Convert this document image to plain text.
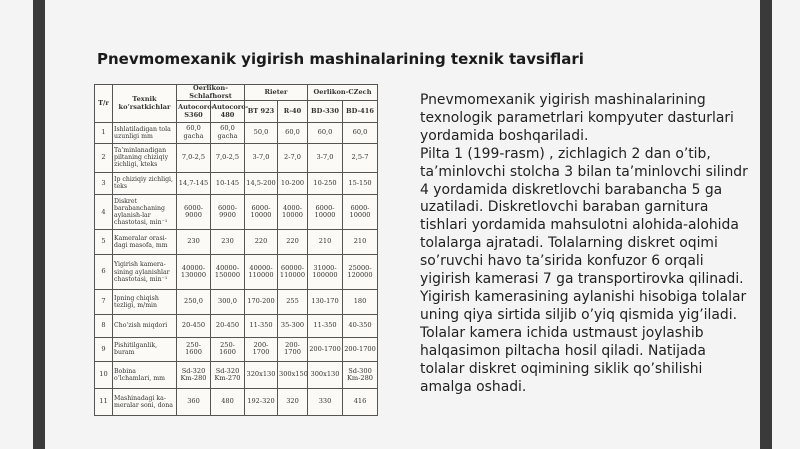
Pnevmomexanik yigirish mashinalarining texnik tavsiflari
T/r	Texnik ko’rsatkichlar	Oerlikon-Schlafhorst		Rieter		Oerlikon-CZech	
		Autocoro-S360	Autocoro-480	BT 923	R-40	BD-330	BD-416
1	Ishlatiladigan tola uzunligi mm	60,0 gacha	60,0 gacha	50,0	60,0	60,0	60,0
2	Ta’minlanadigan piltaning chiziqiy zichligi, kteks	7,0-2,5	7,0-2,5	3-7,0	2-7,0	3-7,0	2,5-7
3	Ip chiziqiy zichligi, teks	14,7-145	10-145	14,5-200	10-200	10-250	15-150
4	Diskret barabanchaning aylanish-lar chastotasi, min⁻¹	6000-9000	6000-9900	6000-10000	4000-10000	6000-10000	6000-10000
5	Kameralar orasi-dagi masofa, mm	230	230	220	220	210	210
6	Yigirish kamera-sining aylanishlar chastotasi, min⁻¹	40000-130000	40000-150000	40000-110000	60000-110000	31000-100000	25000-120000
7	Ipning chiqish tezligi, m/min	250,0	300,0	170-200	255	130-170	180
8	Cho’zish miqdori	20-450	20-450	11-350	35-300	11-350	40-350
9	Pishitilganlik, buram	250-1600	250-1600	200-1700	200-1700	200-1700	200-1700
10	Bobina o’lchamlari, mm	Sd-320 Km-280	Sd-320 Km-270	320x130	300x150	300x130	Sd-300 Km-280
11	Mashinadagi ka-meralar soni, dona	360	480	192-320	320	330	416

Pnevmomexanik yigirish mashinalarining texnologik parametrlari kompyuter dasturlari yordamida boshqariladi.

Pilta 1 (199-rasm) , zichlagich 2 dan o’tib, ta’minlovchi stolcha 3 bilan ta’minlovchi silindr 4 yordamida diskretlovchi barabancha 5 ga uzatiladi. Diskretlovchi baraban garnitura tishlari yordamida mahsulotni alohida-alohida tolalarga ajratadi. Tolalarning diskret oqimi so’ruvchi havo ta’sirida konfuzor 6 orqali yigirish kamerasi 7 ga transportirovka qilinadi. Yigirish kamerasining aylanishi hisobiga tolalar uning qiya sirtida siljib o’yiq qismida yig’iladi. Tolalar kamera ichida ustmaust joylashib halqasimon piltacha hosil qiladi. Natijada tolalar diskret oqimining siklik qo’shilishi amalga oshadi.
